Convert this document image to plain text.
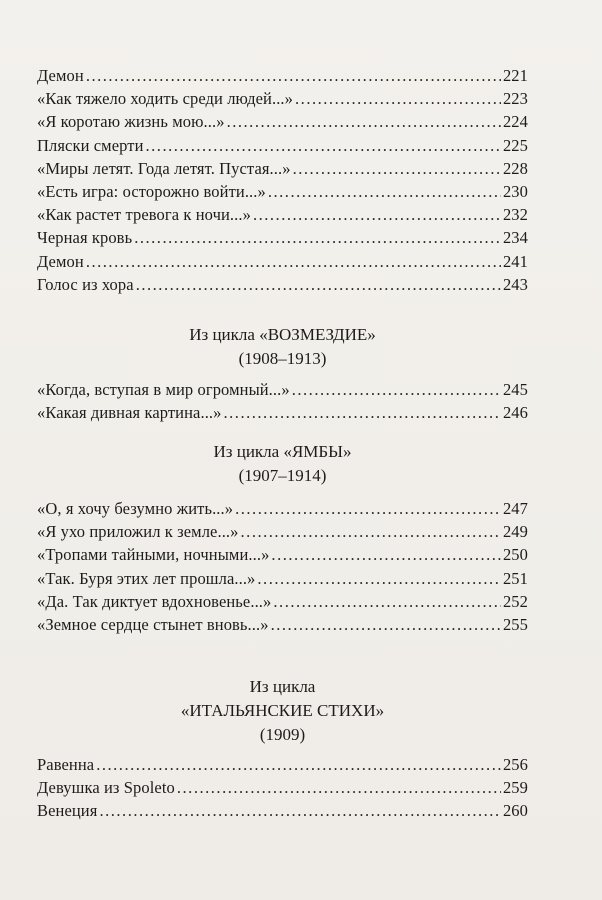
Демон . . .	221
«Как тяжело ходить среди людей...» . . .	223
«Я коротаю жизнь мою...» . . .	224
Пляски смерти . . .	225
«Миры летят. Года летят. Пустая...» . . .	228
«Есть игра: осторожно войти...» . . .	230
«Как растет тревога к ночи...» . . .	232
Черная кровь . . .	234
Демон . . .	241
Голос из хора . . .	243
Из цикла «ВОЗМЕЗДИЕ»
(1908–1913)
«Когда, вступая в мир огромный...» . . .	245
«Какая дивная картина...» . . .	246
Из цикла «ЯМБЫ»
(1907–1914)
«О, я хочу безумно жить...» . . .	247
«Я ухо приложил к земле...» . . .	249
«Тропами тайными, ночными...» . . .	250
«Так. Буря этих лет прошла...» . . .	251
«Да. Так диктует вдохновенье...» . . .	252
«Земное сердце стынет вновь...» . . .	255
Из цикла
«ИТАЛЬЯНСКИЕ СТИХИ»
(1909)
Равенна . . .	256
Девушка из Spoleto . . .	259
Венеция . . .	260
